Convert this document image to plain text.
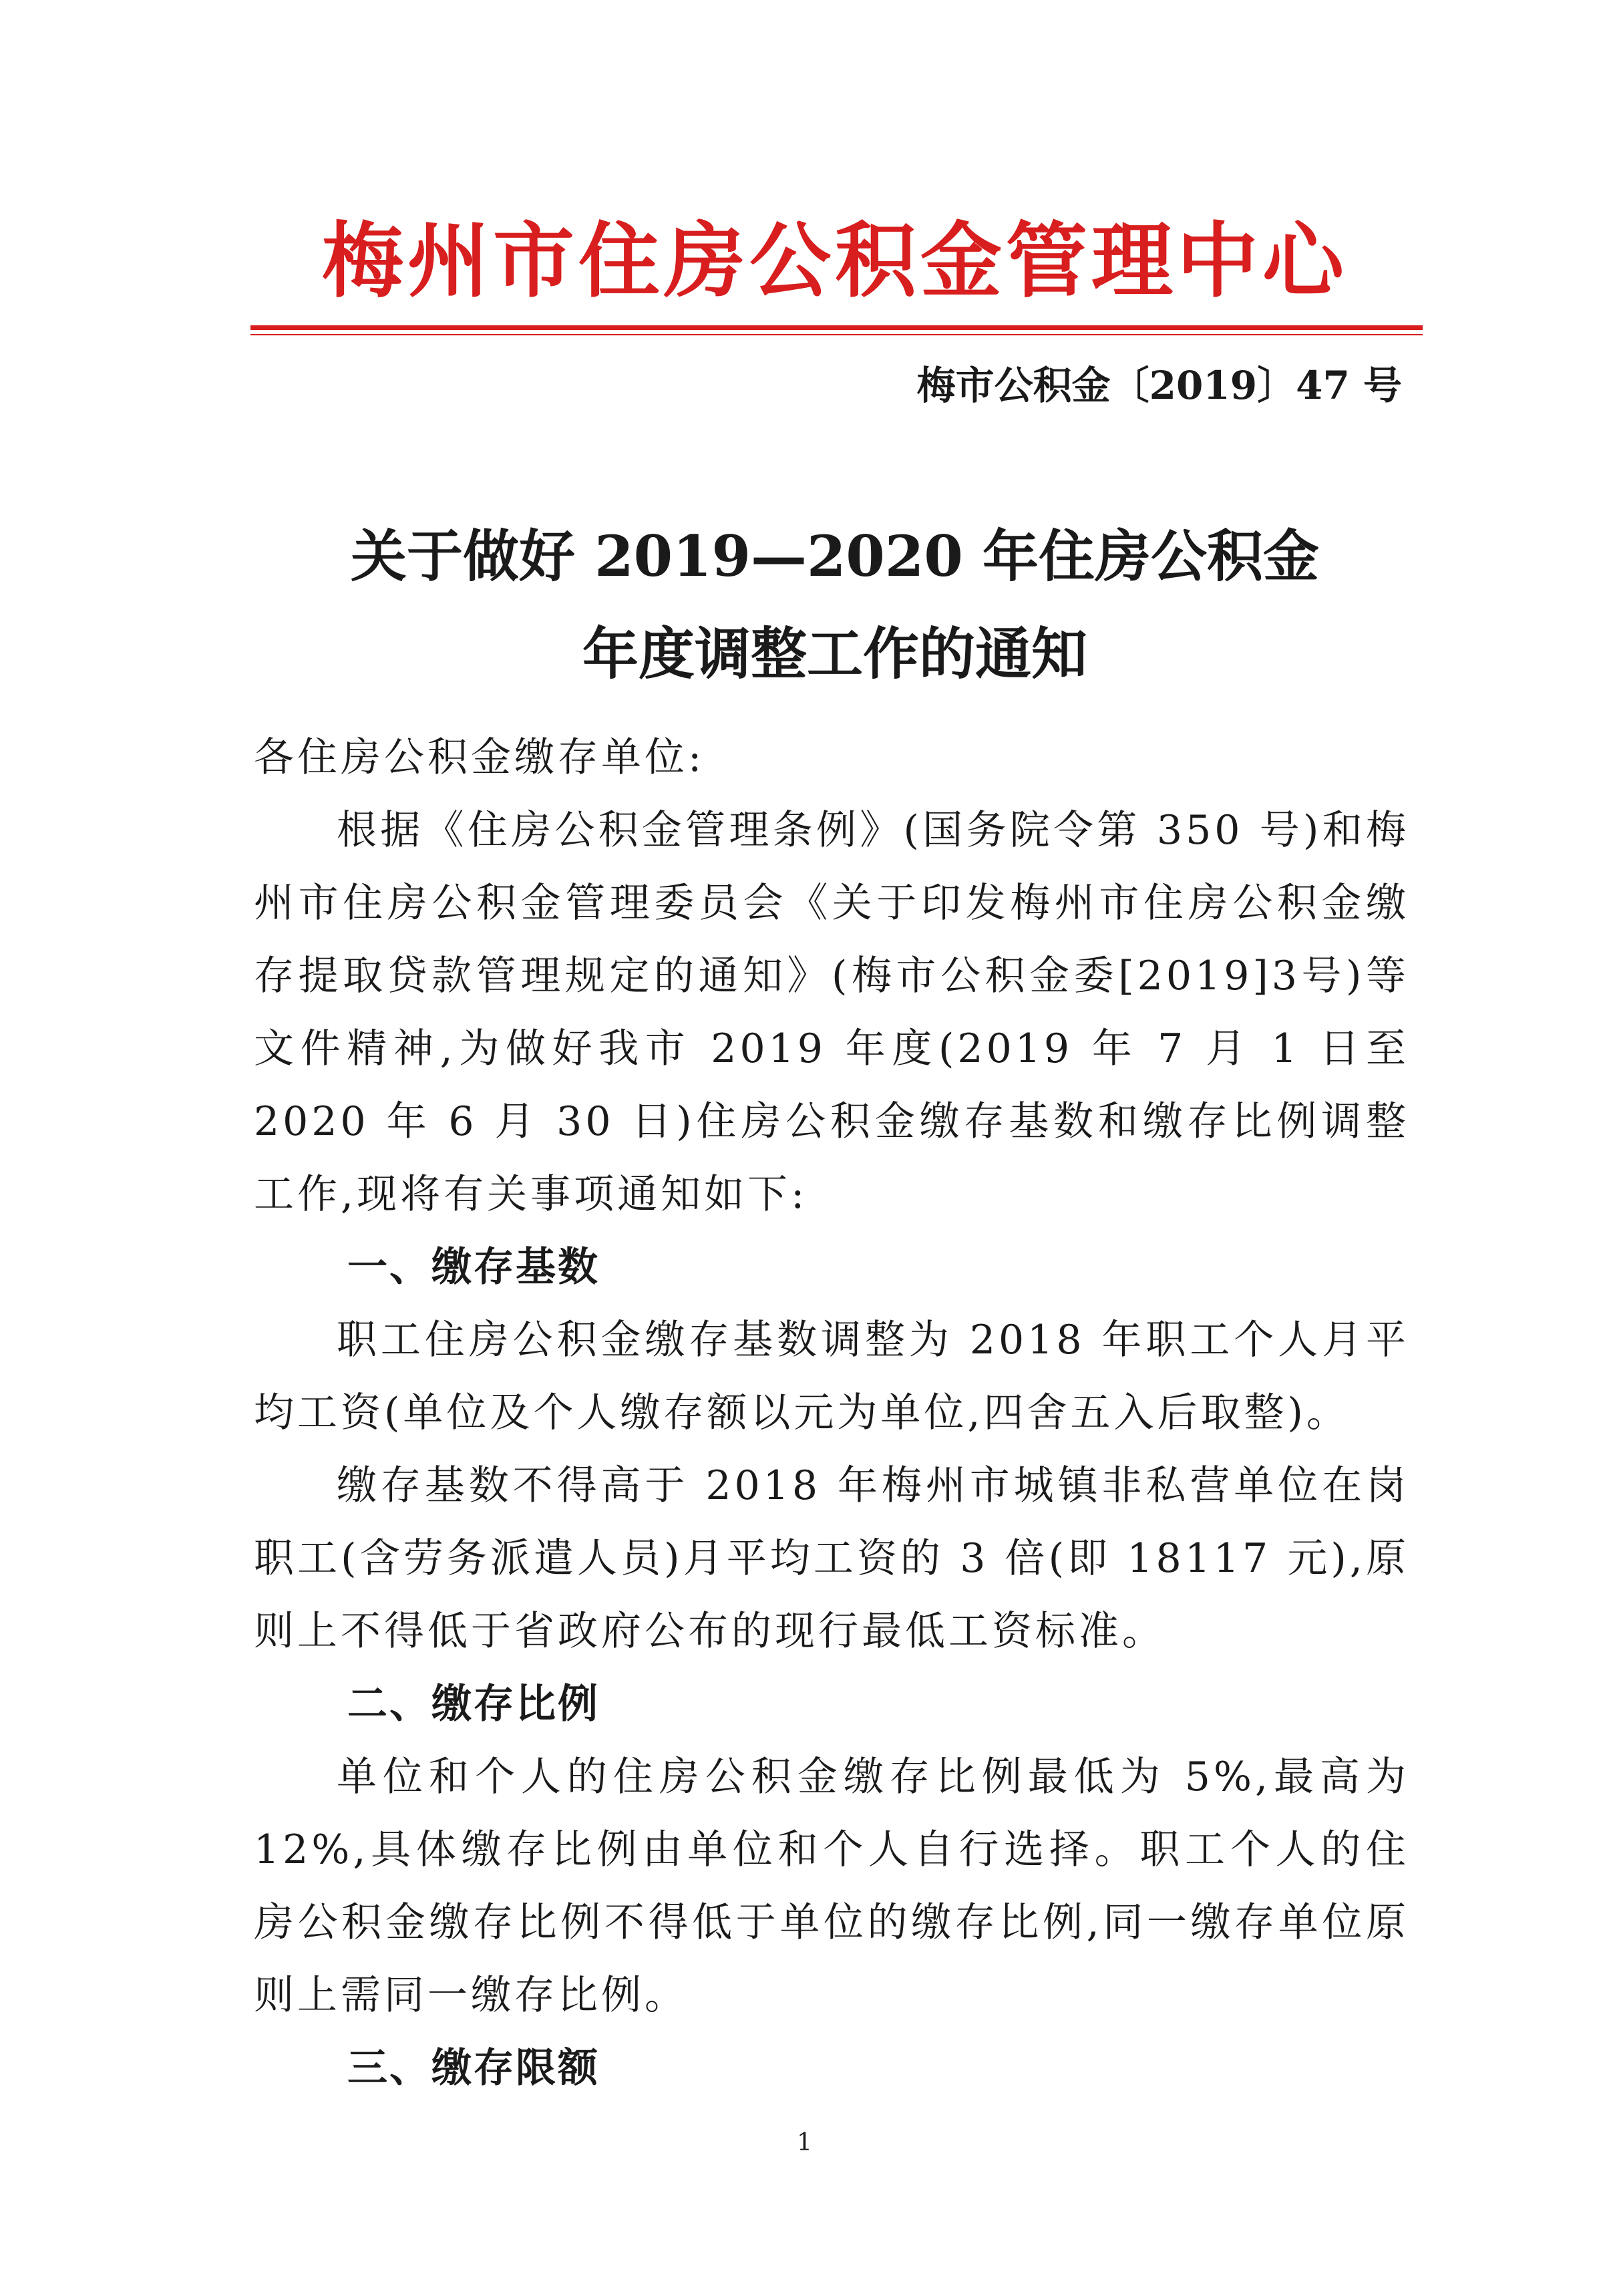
梅州市住房公积金管理中心
梅市公积金〔2019〕47 号
关于做好 2019—2020 年住房公积金
年度调整工作的通知

各住房公积金缴存单位:

根据《住房公积金管理条例》(国务院令第 350 号)和梅州市住房公积金管理委员会《关于印发梅州市住房公积金缴存提取贷款管理规定的通知》(梅市公积金委[2019]3号)等文件精神,为做好我市 2019 年度(2019 年 7 月 1 日至 2020 年 6 月 30 日)住房公积金缴存基数和缴存比例调整工作,现将有关事项通知如下:

一、缴存基数

职工住房公积金缴存基数调整为 2018 年职工个人月平均工资(单位及个人缴存额以元为单位,四舍五入后取整)。

缴存基数不得高于 2018 年梅州市城镇非私营单位在岗职工(含劳务派遣人员)月平均工资的 3 倍(即 18117 元),原则上不得低于省政府公布的现行最低工资标准。

二、缴存比例

单位和个人的住房公积金缴存比例最低为 5%,最高为 12%,具体缴存比例由单位和个人自行选择。职工个人的住房公积金缴存比例不得低于单位的缴存比例,同一缴存单位原则上需同一缴存比例。

三、缴存限额

1
